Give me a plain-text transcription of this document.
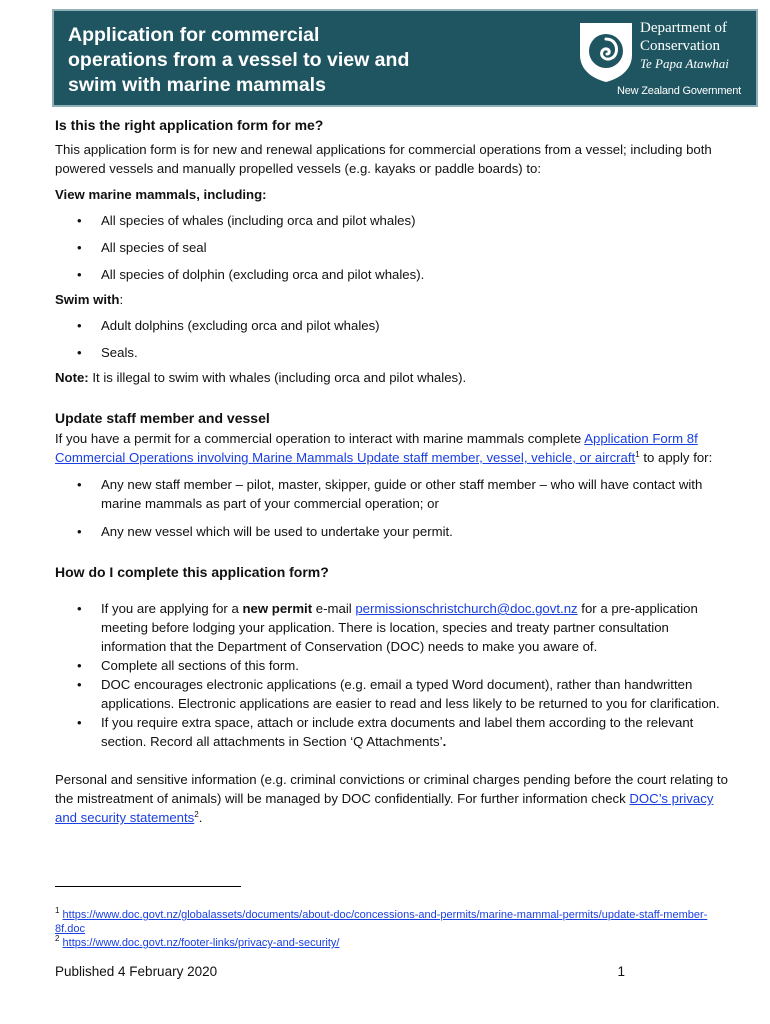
Application for commercial
operations from a vessel to view and
swim with marine mammals
Department of
Conservation
Te Papa Atawhai
New Zealand Government
Is this the right application form for me?

This application form is for new and renewal applications for commercial operations from a vessel; including both powered vessels and manually propelled vessels (e.g. kayaks or paddle boards) to:

View marine mammals, including:

• All species of whales (including orca and pilot whales)
• All species of seal
• All species of dolphin (excluding orca and pilot whales).

Swim with:

• Adult dolphins (excluding orca and pilot whales)
• Seals.

Note: It is illegal to swim with whales (including orca and pilot whales).

Update staff member and vessel

If you have a permit for a commercial operation to interact with marine mammals complete Application Form 8f Commercial Operations involving Marine Mammals Update staff member, vessel, vehicle, or aircraft$^1$ to apply for:

• Any new staff member – pilot, master, skipper, guide or other staff member – who will have contact with marine mammals as part of your commercial operation; or
• Any new vessel which will be used to undertake your permit.
How do I complete this application form?
• If you are applying for a new permit e-mail permissionschristchurch@doc.govt.nz for a pre-application meeting before lodging your application. There is location, species and treaty partner consultation information that the Department of Conservation (DOC) needs to make you aware of.
• Complete all sections of this form.
• DOC encourages electronic applications (e.g. email a typed Word document), rather than handwritten applications. Electronic applications are easier to read and less likely to be returned to you for clarification.
• If you require extra space, attach or include extra documents and label them according to the relevant section. Record all attachments in Section ‘Q Attachments’.

Personal and sensitive information (e.g. criminal convictions or criminal charges pending before the court relating to the mistreatment of animals) will be managed by DOC confidentially. For further information check DOC’s privacy and security statements$^2$.

$^1$ https://www.doc.govt.nz/globalassets/documents/about-doc/concessions-and-permits/marine-mammal-permits/update-staff-member-8f.doc
$^2$ https://www.doc.govt.nz/footer-links/privacy-and-security/
Published 4 February 2020	1
